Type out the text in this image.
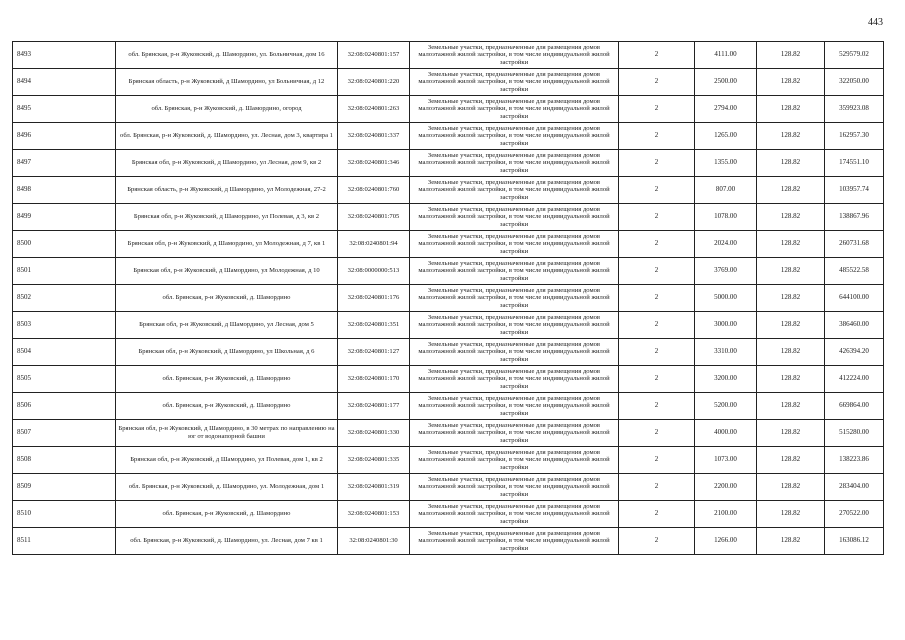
443
8493	обл. Брянская, р-н Жуковский, д. Шамордино, ул. Больничная, дом 16	32:08:0240801:157	Земельные участки, предназначенные для размещения домов малоэтажной жилой застройки, в том числе индивидуальной жилой застройки	2	4111.00	128.82	529579.02
8494	Брянская область, р-н Жуковский, д Шамордино, ул Больничная, д 12	32:08:0240801:220	Земельные участки, предназначенные для размещения домов малоэтажной жилой застройки, в том числе индивидуальной жилой застройки	2	2500.00	128.82	322050.00
8495	обл. Брянская, р-н Жуковский, д. Шамордино, огород	32:08:0240801:263	Земельные участки, предназначенные для размещения домов малоэтажной жилой застройки, в том числе индивидуальной жилой застройки	2	2794.00	128.82	359923.08
8496	обл. Брянская, р-н Жуковский, д. Шамордино, ул. Лесная, дом 3, квартира 1	32:08:0240801:337	Земельные участки, предназначенные для размещения домов малоэтажной жилой застройки, в том числе индивидуальной жилой застройки	2	1265.00	128.82	162957.30
8497	Брянская обл, р-н Жуковский, д Шамордино, ул Лесная, дом 9, кв 2	32:08:0240801:346	Земельные участки, предназначенные для размещения домов малоэтажной жилой застройки, в том числе индивидуальной жилой застройки	2	1355.00	128.82	174551.10
8498	Брянская область, р-н Жуковский, д Шамордино, ул Молодежная, 27-2	32:08:0240801:760	Земельные участки, предназначенные для размещения домов малоэтажной жилой застройки, в том числе индивидуальной жилой застройки	2	807.00	128.82	103957.74
8499	Брянская обл, р-н Жуковский, д Шамордино, ул Полевая, д 3, кв 2	32:08:0240801:705	Земельные участки, предназначенные для размещения домов малоэтажной жилой застройки, в том числе индивидуальной жилой застройки	2	1078.00	128.82	138867.96
8500	Брянская обл, р-н Жуковский, д Шамордино, ул Молодежная, д 7, кв 1	32:08:0240801:94	Земельные участки, предназначенные для размещения домов малоэтажной жилой застройки, в том числе индивидуальной жилой застройки	2	2024.00	128.82	260731.68
8501	Брянская обл, р-н Жуковский, д Шамордино, ул Молодежная, д 10	32:08:0000000:513	Земельные участки, предназначенные для размещения домов малоэтажной жилой застройки, в том числе индивидуальной жилой застройки	2	3769.00	128.82	485522.58
8502	обл. Брянская, р-н Жуковский, д. Шамордино	32:08:0240801:176	Земельные участки, предназначенные для размещения домов малоэтажной жилой застройки, в том числе индивидуальной жилой застройки	2	5000.00	128.82	644100.00
8503	Брянская обл, р-н Жуковский, д Шамордино, ул Лесная, дом 5	32:08:0240801:351	Земельные участки, предназначенные для размещения домов малоэтажной жилой застройки, в том числе индивидуальной жилой застройки	2	3000.00	128.82	386460.00
8504	Брянская обл, р-н Жуковский, д Шамордино, ул Школьная, д 6	32:08:0240801:127	Земельные участки, предназначенные для размещения домов малоэтажной жилой застройки, в том числе индивидуальной жилой застройки	2	3310.00	128.82	426394.20
8505	обл. Брянская, р-н Жуковский, д. Шамордино	32:08:0240801:170	Земельные участки, предназначенные для размещения домов малоэтажной жилой застройки, в том числе индивидуальной жилой застройки	2	3200.00	128.82	412224.00
8506	обл. Брянская, р-н Жуковский, д. Шамордино	32:08:0240801:177	Земельные участки, предназначенные для размещения домов малоэтажной жилой застройки, в том числе индивидуальной жилой застройки	2	5200.00	128.82	669864.00
8507	Брянская обл, р-н Жуковский, д Шамордино, в 30 метрах по направлению на юг от водонапорной башни	32:08:0240801:330	Земельные участки, предназначенные для размещения домов малоэтажной жилой застройки, в том числе индивидуальной жилой застройки	2	4000.00	128.82	515280.00
8508	Брянская обл, р-н Жуковский, д Шамордино, ул Полевая, дом 1, кв 2	32:08:0240801:335	Земельные участки, предназначенные для размещения домов малоэтажной жилой застройки, в том числе индивидуальной жилой застройки	2	1073.00	128.82	138223.86
8509	обл. Брянская, р-н Жуковский, д. Шамордино, ул. Молодежная, дом 1	32:08:0240801:319	Земельные участки, предназначенные для размещения домов малоэтажной жилой застройки, в том числе индивидуальной жилой застройки	2	2200.00	128.82	283404.00
8510	обл. Брянская, р-н Жуковский, д. Шамордино	32:08:0240801:153	Земельные участки, предназначенные для размещения домов малоэтажной жилой застройки, в том числе индивидуальной жилой застройки	2	2100.00	128.82	270522.00
8511	обл. Брянская, р-н Жуковский, д. Шамордино, ул. Лесная, дом 7 кв 1	32:08:0240801:30	Земельные участки, предназначенные для размещения домов малоэтажной жилой застройки, в том числе индивидуальной жилой застройки	2	1266.00	128.82	163086.12
